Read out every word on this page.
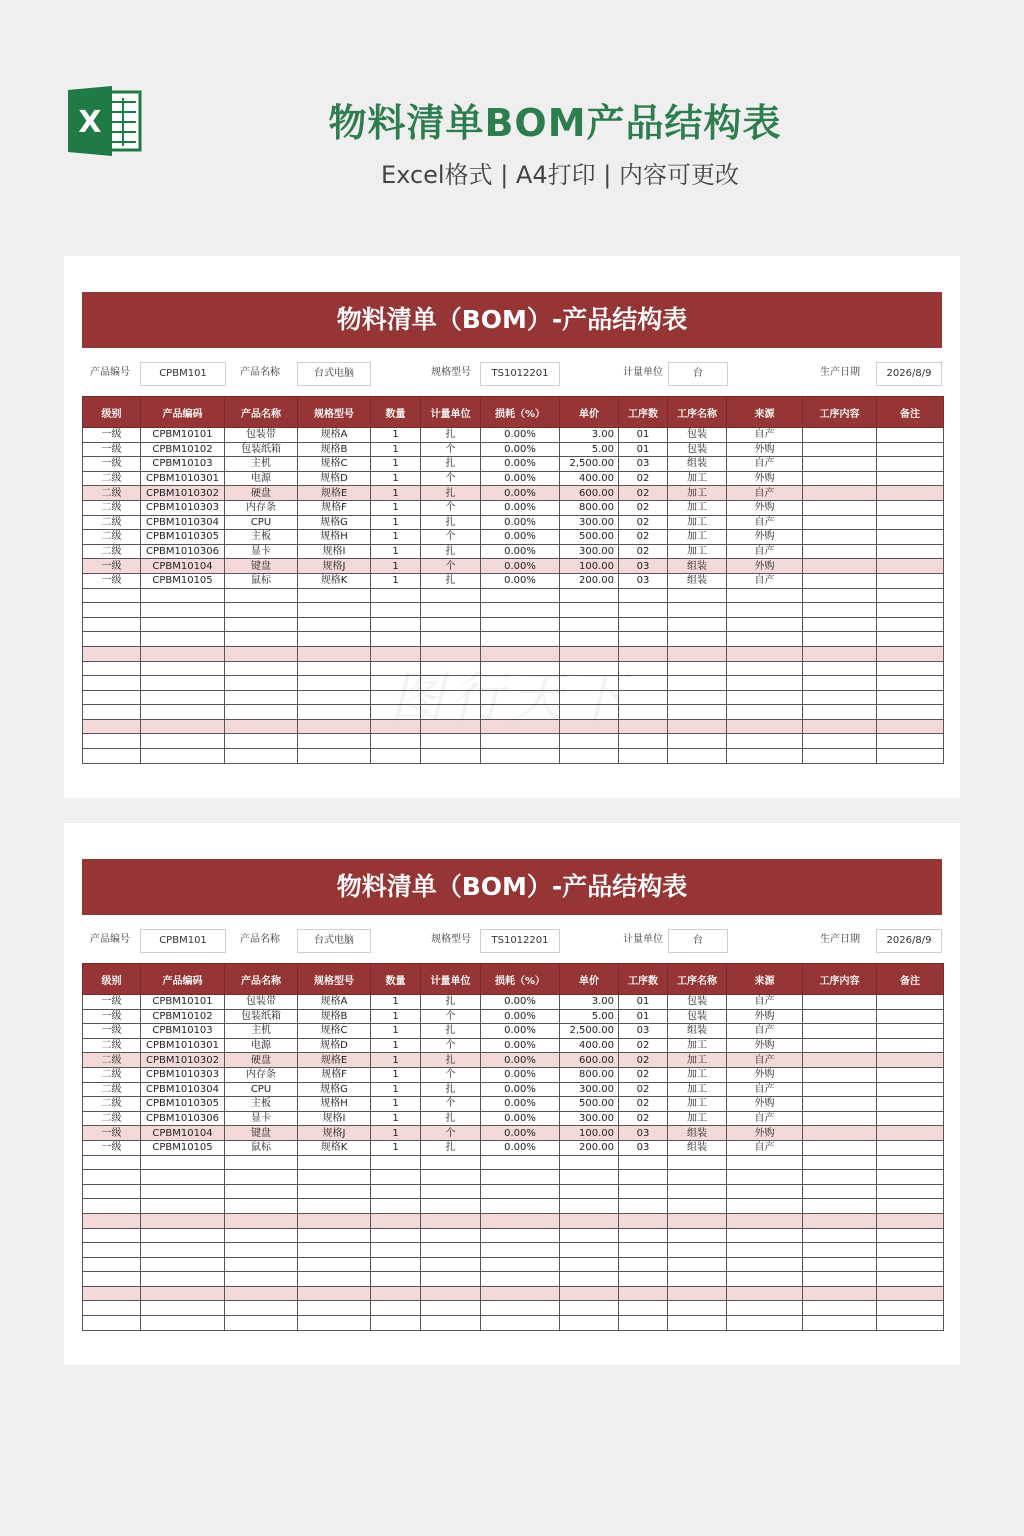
X	物料清单BOM产品结构表
Excel格式 | A4打印 | 内容可更改
物料清单（BOM）-产品结构表
产品编号	CPBM101	产品名称	台式电脑	规格型号	TS1012201	计量单位	台	生产日期	2026/8/9
级别	产品编码	产品名称	规格型号	数量	计量单位	损耗（%）	单价	工序数	工序名称	来源	工序内容	备注
一级	CPBM10101	包装带	规格A	1	扎	0.00%	3.00	01	包装	自产		
一级	CPBM10102	包装纸箱	规格B	1	个	0.00%	5.00	01	包装	外购		
一级	CPBM10103	主机	规格C	1	扎	0.00%	2,500.00	03	组装	自产		
二级	CPBM1010301	电源	规格D	1	个	0.00%	400.00	02	加工	外购		
二级	CPBM1010302	硬盘	规格E	1	扎	0.00%	600.00	02	加工	自产		
二级	CPBM1010303	内存条	规格F	1	个	0.00%	800.00	02	加工	外购		
二级	CPBM1010304	CPU	规格G	1	扎	0.00%	300.00	02	加工	自产		
二级	CPBM1010305	主板	规格H	1	个	0.00%	500.00	02	加工	外购		
二级	CPBM1010306	显卡	规格I	1	扎	0.00%	300.00	02	加工	自产		
一级	CPBM10104	键盘	规格J	1	个	0.00%	100.00	03	组装	外购		
一级	CPBM10105	鼠标	规格K	1	扎	0.00%	200.00	03	组装	自产		

物料清单（BOM）-产品结构表
产品编号	CPBM101	产品名称	台式电脑	规格型号	TS1012201	计量单位	台	生产日期	2026/8/9
级别	产品编码	产品名称	规格型号	数量	计量单位	损耗（%）	单价	工序数	工序名称	来源	工序内容	备注
一级	CPBM10101	包装带	规格A	1	扎	0.00%	3.00	01	包装	自产		
一级	CPBM10102	包装纸箱	规格B	1	个	0.00%	5.00	01	包装	外购		
一级	CPBM10103	主机	规格C	1	扎	0.00%	2,500.00	03	组装	自产		
二级	CPBM1010301	电源	规格D	1	个	0.00%	400.00	02	加工	外购		
二级	CPBM1010302	硬盘	规格E	1	扎	0.00%	600.00	02	加工	自产		
二级	CPBM1010303	内存条	规格F	1	个	0.00%	800.00	02	加工	外购		
二级	CPBM1010304	CPU	规格G	1	扎	0.00%	300.00	02	加工	自产		
二级	CPBM1010305	主板	规格H	1	个	0.00%	500.00	02	加工	外购		
二级	CPBM1010306	显卡	规格I	1	扎	0.00%	300.00	02	加工	自产		
一级	CPBM10104	键盘	规格J	1	个	0.00%	100.00	03	组装	外购		
一级	CPBM10105	鼠标	规格K	1	扎	0.00%	200.00	03	组装	自产		

图行天下
